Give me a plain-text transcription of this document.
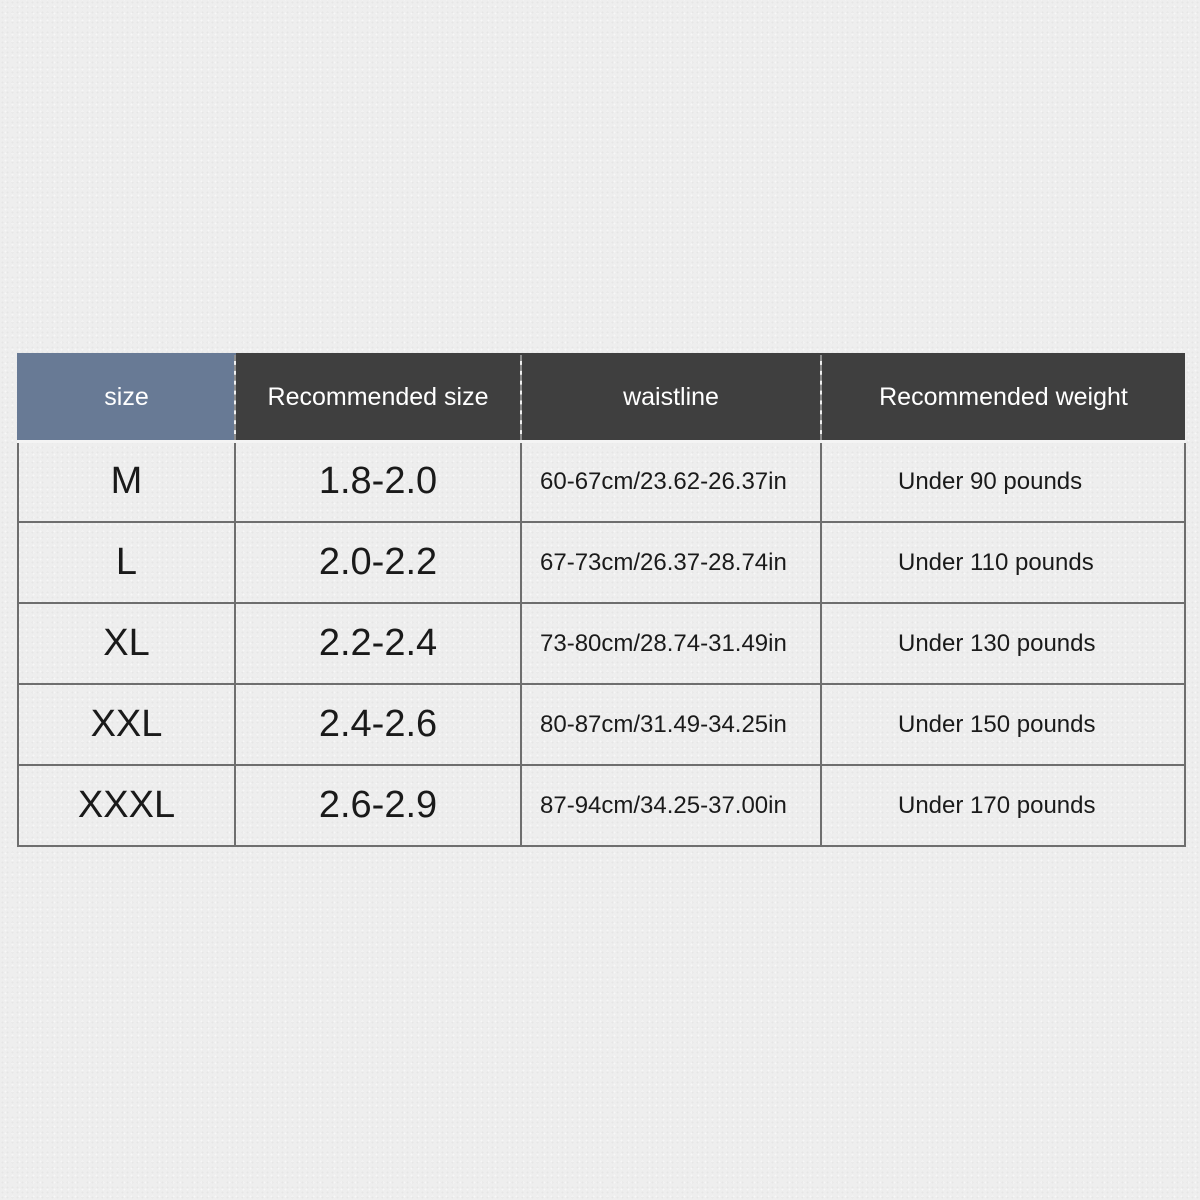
size	Recommended size	waistline	Recommended weight
M	1.8-2.0	60-67cm/23.62-26.37in	Under 90 pounds
L	2.0-2.2	67-73cm/26.37-28.74in	Under 110 pounds
XL	2.2-2.4	73-80cm/28.74-31.49in	Under 130 pounds
XXL	2.4-2.6	80-87cm/31.49-34.25in	Under 150 pounds
XXXL	2.6-2.9	87-94cm/34.25-37.00in	Under 170 pounds
